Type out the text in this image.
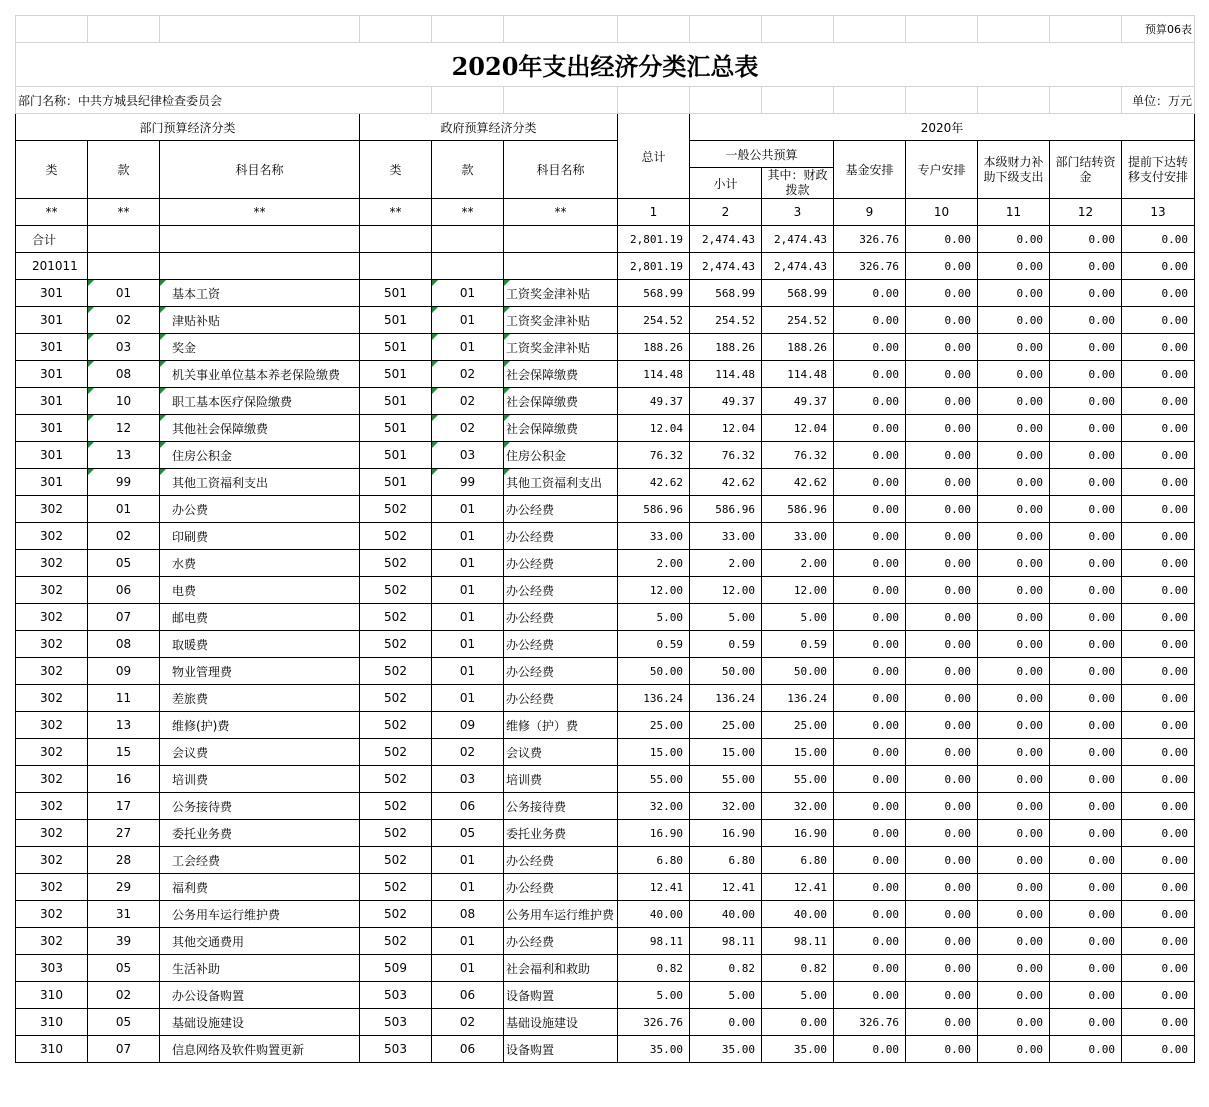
													预算06表
2020年支出经济分类汇总表													
部门名称：中共方城县纪律检查委员会													单位：万元
部门预算经济分类			政府预算经济分类			总计	2020年						
类	款	科目名称	类	款	科目名称		一般公共预算		基金安排	专户安排	本级财力补助下级支出	部门结转资金	提前下达转移支付安排
							小计	其中：财政拨款					
**	**	**	**	**	**	1	2	3	9	10	11	12	13
合计						2,801.19	2,474.43	2,474.43	326.76	0.00	0.00	0.00	0.00
201011						2,801.19	2,474.43	2,474.43	326.76	0.00	0.00	0.00	0.00
301	01	基本工资	501	01	工资奖金津补贴	568.99	568.99	568.99	0.00	0.00	0.00	0.00	0.00
301	02	津贴补贴	501	01	工资奖金津补贴	254.52	254.52	254.52	0.00	0.00	0.00	0.00	0.00
301	03	奖金	501	01	工资奖金津补贴	188.26	188.26	188.26	0.00	0.00	0.00	0.00	0.00
301	08	机关事业单位基本养老保险缴费	501	02	社会保障缴费	114.48	114.48	114.48	0.00	0.00	0.00	0.00	0.00
301	10	职工基本医疗保险缴费	501	02	社会保障缴费	49.37	49.37	49.37	0.00	0.00	0.00	0.00	0.00
301	12	其他社会保障缴费	501	02	社会保障缴费	12.04	12.04	12.04	0.00	0.00	0.00	0.00	0.00
301	13	住房公积金	501	03	住房公积金	76.32	76.32	76.32	0.00	0.00	0.00	0.00	0.00
301	99	其他工资福利支出	501	99	其他工资福利支出	42.62	42.62	42.62	0.00	0.00	0.00	0.00	0.00
302	01	办公费	502	01	办公经费	586.96	586.96	586.96	0.00	0.00	0.00	0.00	0.00
302	02	印刷费	502	01	办公经费	33.00	33.00	33.00	0.00	0.00	0.00	0.00	0.00
302	05	水费	502	01	办公经费	2.00	2.00	2.00	0.00	0.00	0.00	0.00	0.00
302	06	电费	502	01	办公经费	12.00	12.00	12.00	0.00	0.00	0.00	0.00	0.00
302	07	邮电费	502	01	办公经费	5.00	5.00	5.00	0.00	0.00	0.00	0.00	0.00
302	08	取暖费	502	01	办公经费	0.59	0.59	0.59	0.00	0.00	0.00	0.00	0.00
302	09	物业管理费	502	01	办公经费	50.00	50.00	50.00	0.00	0.00	0.00	0.00	0.00
302	11	差旅费	502	01	办公经费	136.24	136.24	136.24	0.00	0.00	0.00	0.00	0.00
302	13	维修(护)费	502	09	维修（护）费	25.00	25.00	25.00	0.00	0.00	0.00	0.00	0.00
302	15	会议费	502	02	会议费	15.00	15.00	15.00	0.00	0.00	0.00	0.00	0.00
302	16	培训费	502	03	培训费	55.00	55.00	55.00	0.00	0.00	0.00	0.00	0.00
302	17	公务接待费	502	06	公务接待费	32.00	32.00	32.00	0.00	0.00	0.00	0.00	0.00
302	27	委托业务费	502	05	委托业务费	16.90	16.90	16.90	0.00	0.00	0.00	0.00	0.00
302	28	工会经费	502	01	办公经费	6.80	6.80	6.80	0.00	0.00	0.00	0.00	0.00
302	29	福利费	502	01	办公经费	12.41	12.41	12.41	0.00	0.00	0.00	0.00	0.00
302	31	公务用车运行维护费	502	08	公务用车运行维护费	40.00	40.00	40.00	0.00	0.00	0.00	0.00	0.00
302	39	其他交通费用	502	01	办公经费	98.11	98.11	98.11	0.00	0.00	0.00	0.00	0.00
303	05	生活补助	509	01	社会福利和救助	0.82	0.82	0.82	0.00	0.00	0.00	0.00	0.00
310	02	办公设备购置	503	06	设备购置	5.00	5.00	5.00	0.00	0.00	0.00	0.00	0.00
310	05	基础设施建设	503	02	基础设施建设	326.76	0.00	0.00	326.76	0.00	0.00	0.00	0.00
310	07	信息网络及软件购置更新	503	06	设备购置	35.00	35.00	35.00	0.00	0.00	0.00	0.00	0.00
